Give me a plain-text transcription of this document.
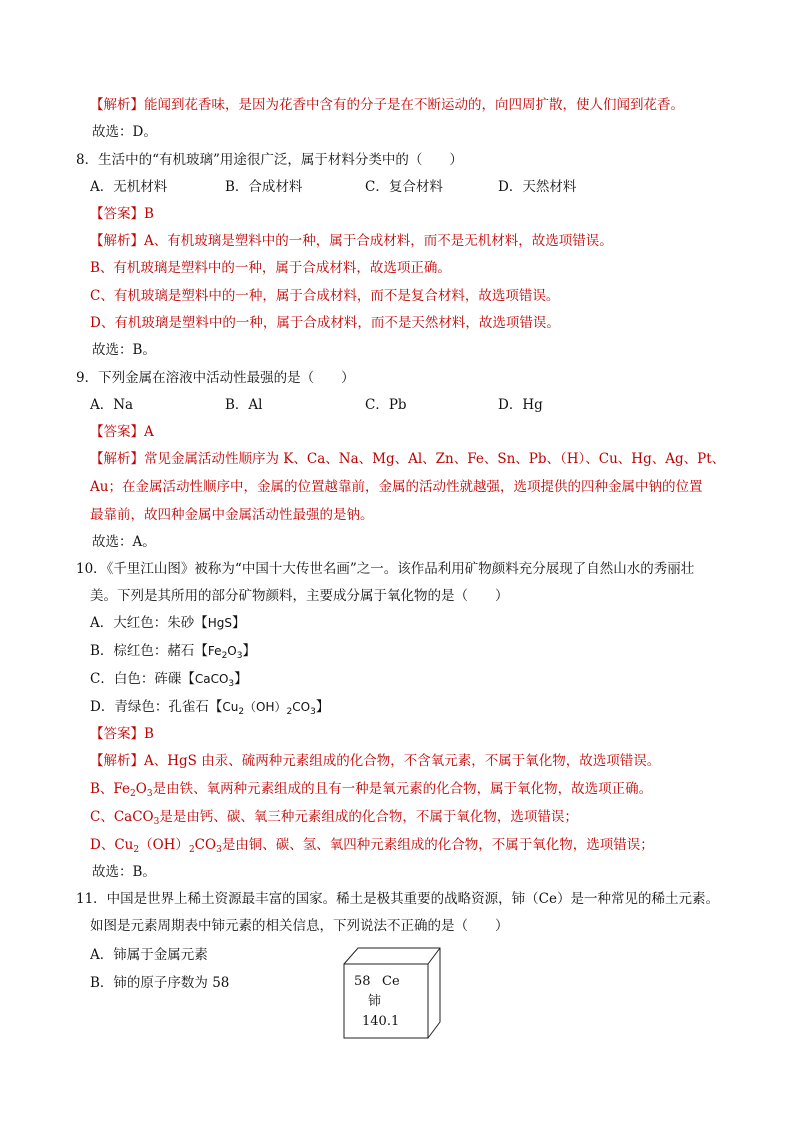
【解析】能闻到花香味，是因为花香中含有的分子是在不断运动的，向四周扩散，使人们闻到花香。
故选：D。
8．生活中的“有机玻璃”用途很广泛，属于材料分类中的（　　）
A．无机材料	B．合成材料	C．复合材料	D．天然材料
【答案】B
【解析】A、有机玻璃是塑料中的一种，属于合成材料，而不是无机材料，故选项错误。
B、有机玻璃是塑料中的一种，属于合成材料，故选项正确。
C、有机玻璃是塑料中的一种，属于合成材料，而不是复合材料，故选项错误。
D、有机玻璃是塑料中的一种，属于合成材料，而不是天然材料，故选项错误。
故选：B。
9．下列金属在溶液中活动性最强的是（　　）
A．Na	B．Al	C．Pb	D．Hg
【答案】A
【解析】常见金属活动性顺序为 K、Ca、Na、Mg、Al、Zn、Fe、Sn、Pb、（H）、Cu、Hg、Ag、Pt、
Au；在金属活动性顺序中，金属的位置越靠前，金属的活动性就越强，选项提供的四种金属中钠的位置
最靠前，故四种金属中金属活动性最强的是钠。
故选：A。
10．《千里江山图》被称为“中国十大传世名画”之一。该作品利用矿物颜料充分展现了自然山水的秀丽壮
美。下列是其所用的部分矿物颜料，主要成分属于氧化物的是（　　）
A．大红色：朱砂【HgS】
B．棕红色：赭石【$Fe_2O_3$】
C．白色：砗磲【CaCO$_3$】
D．青绿色：孔雀石【$Cu_2(OH)_2CO_3$】
【答案】B
【解析】A、HgS 由汞、硫两种元素组成的化合物，不含氧元素，不属于氧化物，故选项错误。
B、$Fe_2O_3$是由铁、氧两种元素组成的且有一种是氧元素的化合物，属于氧化物，故选项正确。
C、CaCO$_3$是是由钙、碳、氧三种元素组成的化合物，不属于氧化物，选项错误；
D、$Cu_2(OH)_2CO_3$是由铜、碳、氢、氧四种元素组成的化合物，不属于氧化物，选项错误；
故选：B。
11．中国是世界上稀土资源最丰富的国家。稀土是极其重要的战略资源，铈（Ce）是一种常见的稀土元素。
如图是元素周期表中铈元素的相关信息，下列说法不正确的是（　　）
A．铈属于金属元素
B．铈的原子序数为 58	58 Ce
铈
140.1
